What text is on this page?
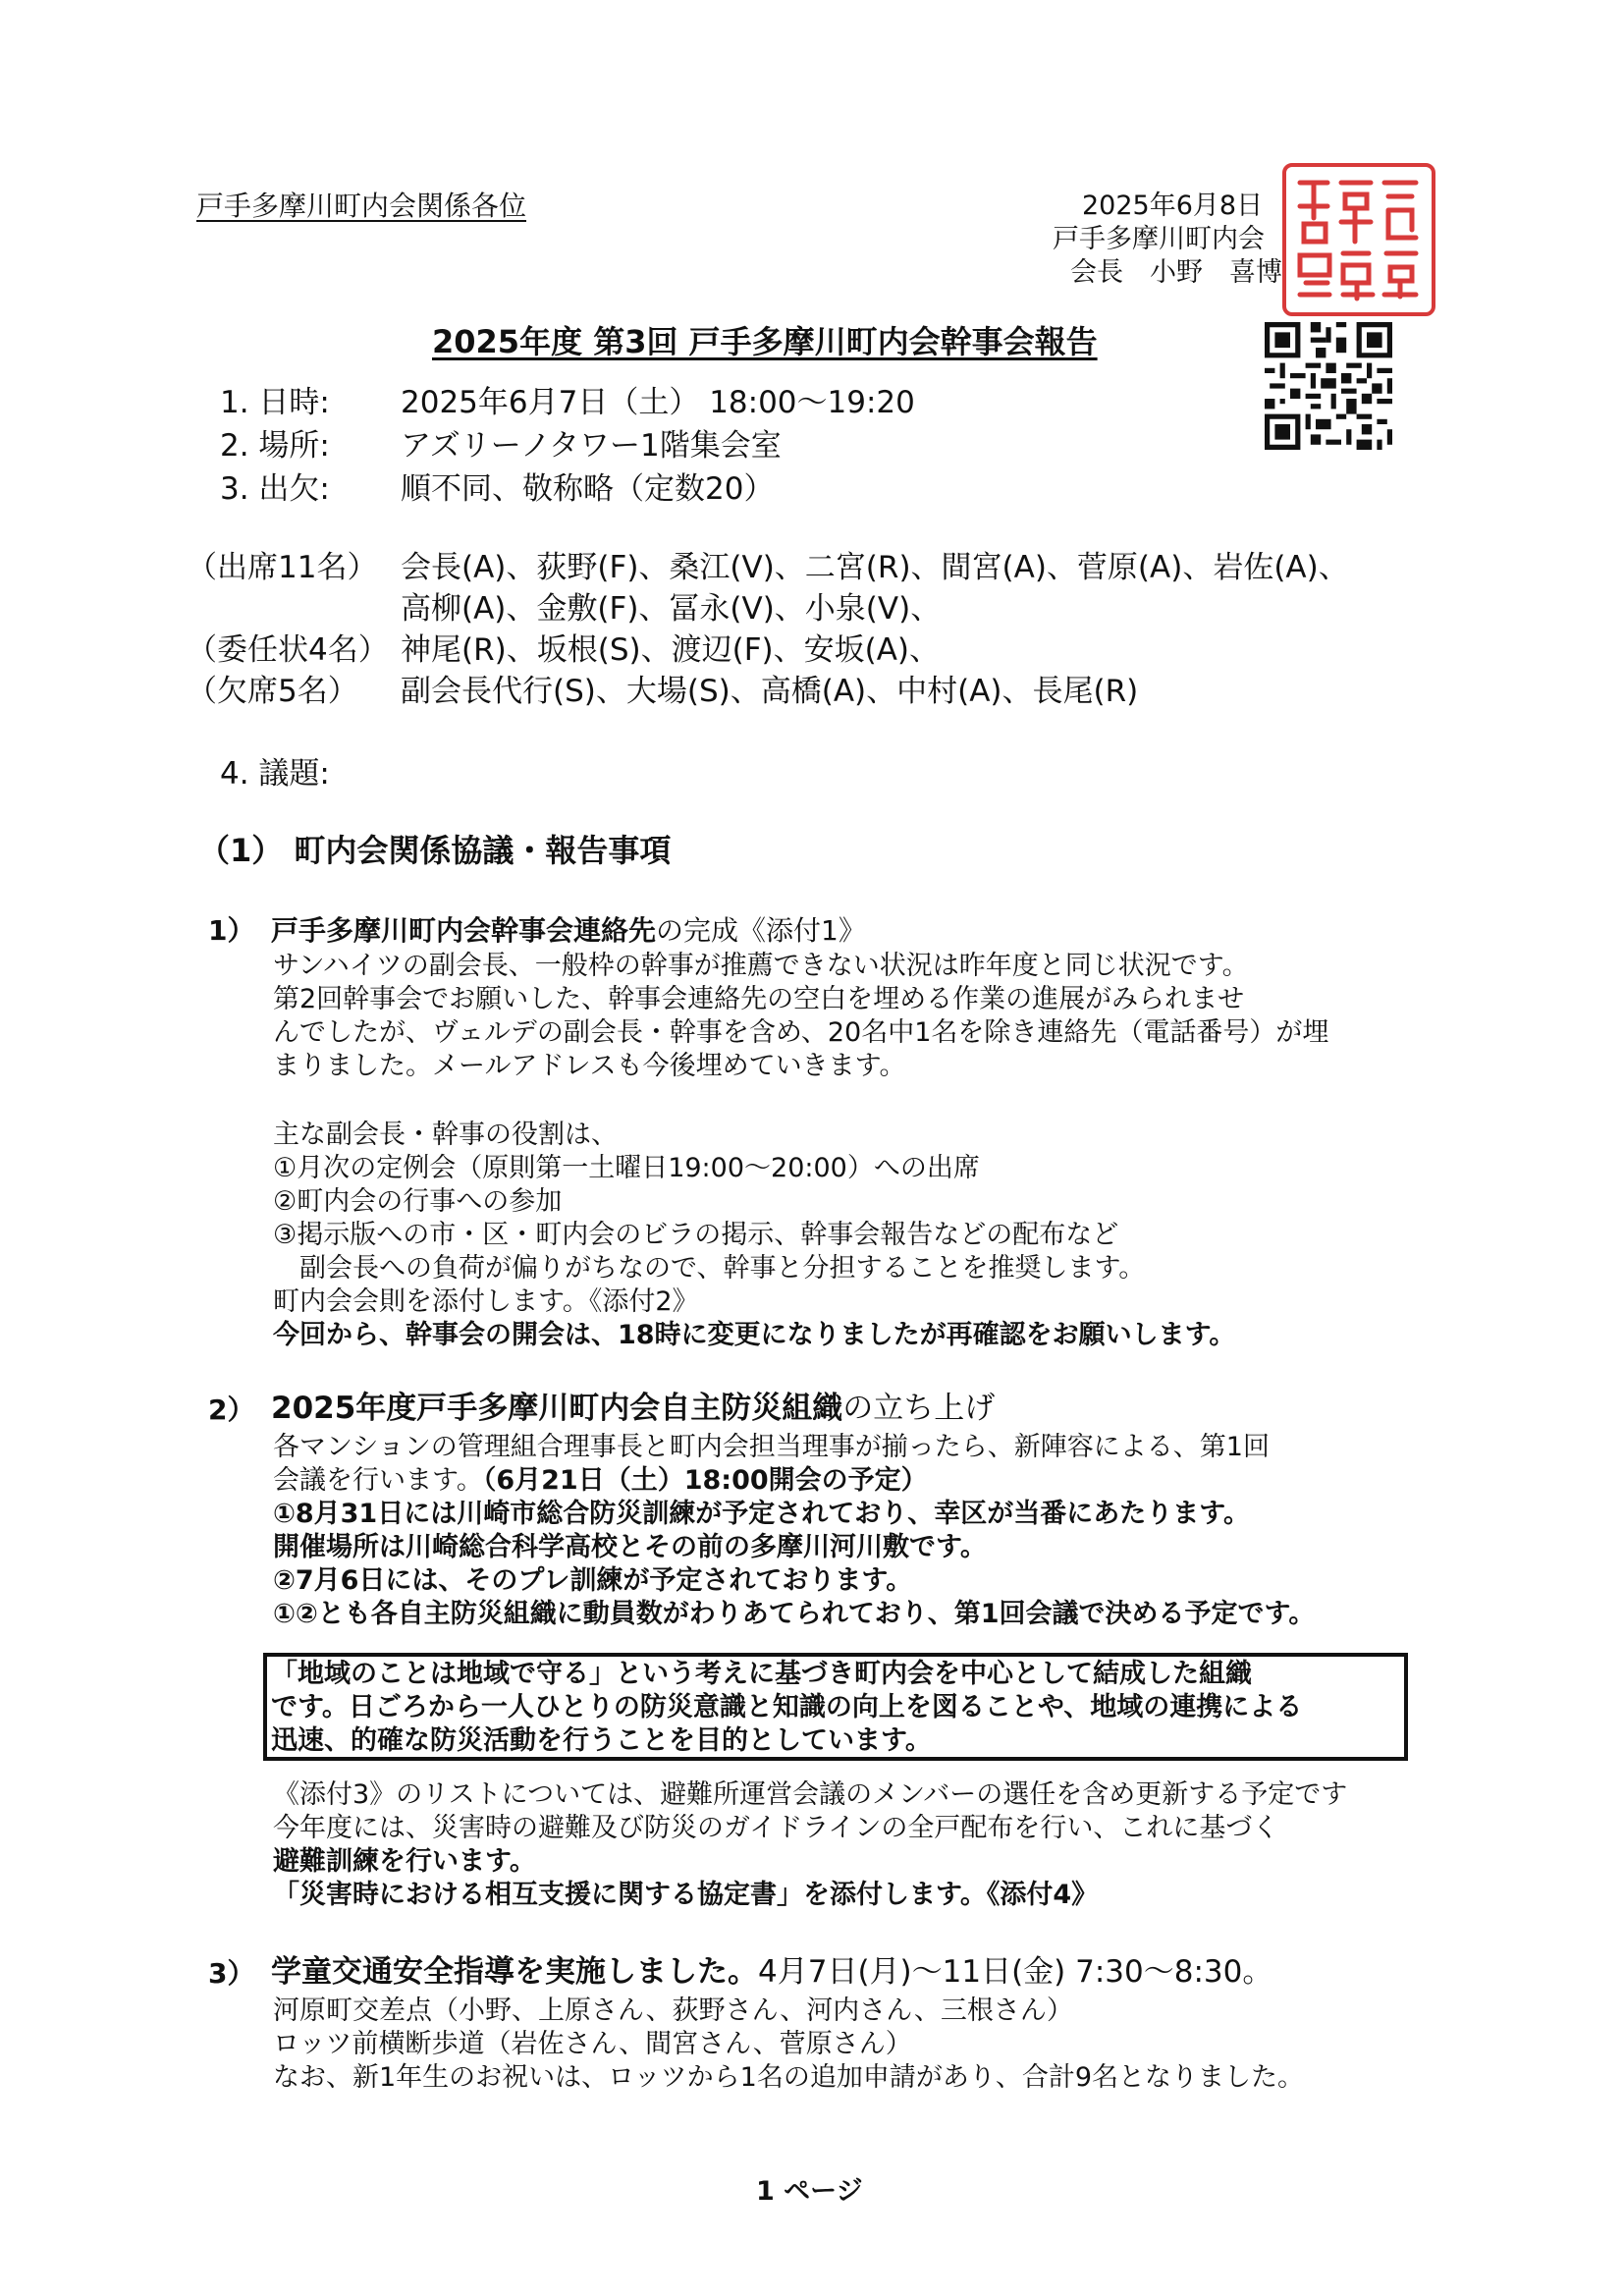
戸手多摩川町内会関係各位	2025年6月8日
戸手多摩川町内会
会長　小野　喜博
2025年度 第3回 戸手多摩川町内会幹事会報告
1. 日時: 2025年6月7日（土） 18:00～19:20
2. 場所: アズリーノタワー1階集会室
3. 出欠: 順不同、敬称略（定数20）
（出席11名） 会長(A)、荻野(F)、桑江(V)、二宮(R)、間宮(A)、菅原(A)、岩佐(A)、
高柳(A)、金敷(F)、冨永(V)、小泉(V)、
（委任状4名） 神尾(R)、坂根(S)、渡辺(F)、安坂(A)、
（欠席5名） 副会長代行(S)、大場(S)、高橋(A)、中村(A)、長尾(R)
4. 議題:
（1） 町内会関係協議・報告事項
1） 戸手多摩川町内会幹事会連絡先の完成《添付1》
サンハイツの副会長、一般枠の幹事が推薦できない状況は昨年度と同じ状況です。
第2回幹事会でお願いした、幹事会連絡先の空白を埋める作業の進展がみられませ
んでしたが、ヴェルデの副会長・幹事を含め、20名中1名を除き連絡先（電話番号）が埋
まりました。メールアドレスも今後埋めていきます。
主な副会長・幹事の役割は、
①月次の定例会（原則第一土曜日19:00～20:00）への出席
②町内会の行事への参加
③掲示版への市・区・町内会のビラの掲示、幹事会報告などの配布など
　副会長への負荷が偏りがちなので、幹事と分担することを推奨します。
町内会会則を添付します。《添付2》
今回から、幹事会の開会は、18時に変更になりましたが再確認をお願いします。
2） 2025年度戸手多摩川町内会自主防災組織の立ち上げ
各マンションの管理組合理事長と町内会担当理事が揃ったら、新陣容による、第1回
会議を行います。（6月21日（土）18:00開会の予定）
①8月31日には川崎市総合防災訓練が予定されており、幸区が当番にあたります。
開催場所は川崎総合科学高校とその前の多摩川河川敷です。
②7月6日には、そのプレ訓練が予定されております。
①②とも各自主防災組織に動員数がわりあてられており、第1回会議で決める予定です。
「地域のことは地域で守る」という考えに基づき町内会を中心として結成した組織
です。日ごろから一人ひとりの防災意識と知識の向上を図ることや、地域の連携による
迅速、的確な防災活動を行うことを目的としています。
《添付3》のリストについては、避難所運営会議のメンバーの選任を含め更新する予定です
今年度には、災害時の避難及び防災のガイドラインの全戸配布を行い、これに基づく
避難訓練を行います。
「災害時における相互支援に関する協定書」を添付します。《添付4》
3） 学童交通安全指導を実施しました。4月7日(月)～11日(金) 7:30～8:30。
河原町交差点（小野、上原さん、荻野さん、河内さん、三根さん）
ロッツ前横断歩道（岩佐さん、間宮さん、菅原さん）
なお、新1年生のお祝いは、ロッツから1名の追加申請があり、合計9名となりました。
1 ページ
